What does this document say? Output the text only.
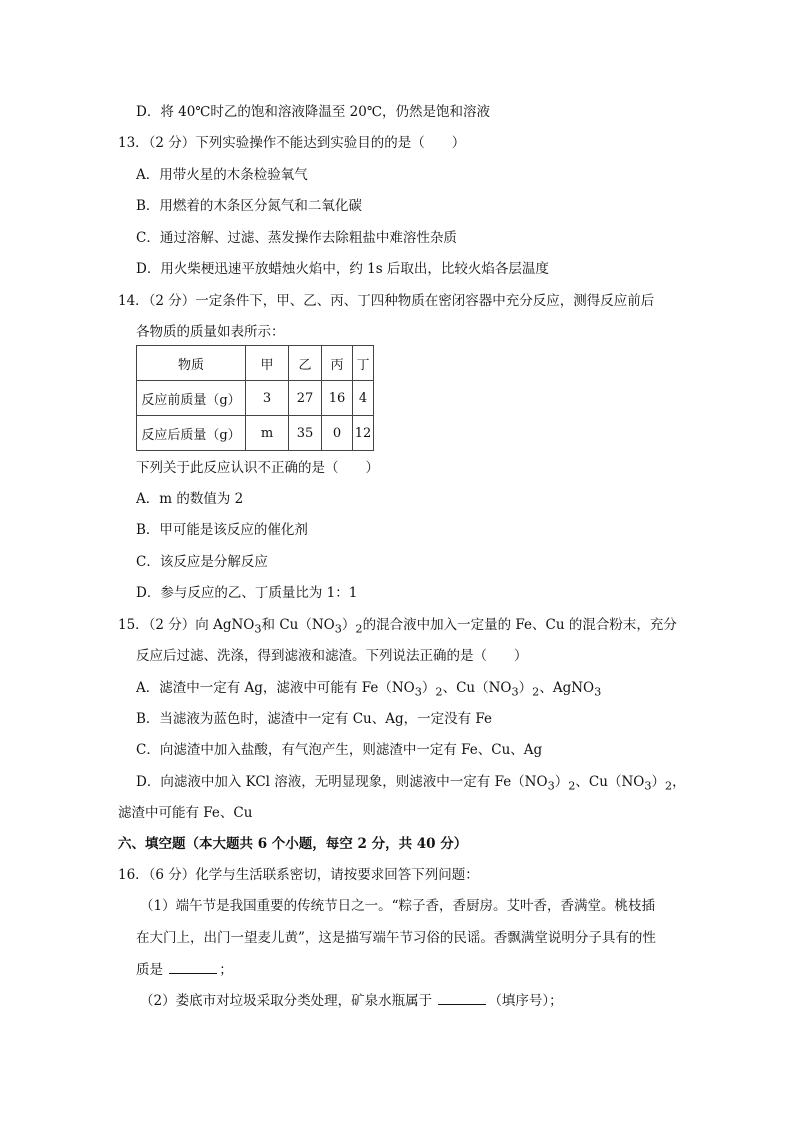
D．将 40℃时乙的饱和溶液降温至 20℃，仍然是饱和溶液
13．（2 分）下列实验操作不能达到实验目的的是（　　）
A．用带火星的木条检验氧气
B．用燃着的木条区分氮气和二氧化碳
C．通过溶解、过滤、蒸发操作去除粗盐中难溶性杂质
D．用火柴梗迅速平放蜡烛火焰中，约 1s 后取出，比较火焰各层温度
14．（2 分）一定条件下，甲、乙、丙、丁四种物质在密闭容器中充分反应，测得反应前后
各物质的质量如表所示：
物质	甲	乙	丙	丁
反应前质量（g）	3	27	16	4
反应后质量（g）	m	35	0	12
下列关于此反应认识不正确的是（　　）
A．m 的数值为 2
B．甲可能是该反应的催化剂
C．该反应是分解反应
D．参与反应的乙、丁质量比为 1：1
15．（2 分）向 AgNO$_3$和 $Cu(NO_3)_2$的混合液中加入一定量的 Fe、Cu 的混合粉末，充分
反应后过滤、洗涤，得到滤液和滤渣。下列说法正确的是（　　）
A．滤渣中一定有 Ag，滤液中可能有 $Fe(NO_3)_2$、$Cu(NO_3)_2$、AgNO$_3$
B．当滤液为蓝色时，滤渣中一定有 Cu、Ag，一定没有 Fe
C．向滤渣中加入盐酸，有气泡产生，则滤渣中一定有 Fe、Cu、Ag
D．向滤液中加入 KCl 溶液，无明显现象，则滤液中一定有 $Fe(NO_3)_2$、$Cu(NO_3)_2$，
滤渣中可能有 Fe、Cu
六、填空题（本大题共 6 个小题，每空 2 分，共 40 分）
16．（6 分）化学与生活联系密切，请按要求回答下列问题：
（1）端午节是我国重要的传统节日之一。“粽子香，香厨房。艾叶香，香满堂。桃枝插
在大门上，出门一望麦儿黄”，这是描写端午节习俗的民谣。香飘满堂说明分子具有的性
质是	；
（2）娄底市对垃圾采取分类处理，矿泉水瓶属于	（填序号）；
